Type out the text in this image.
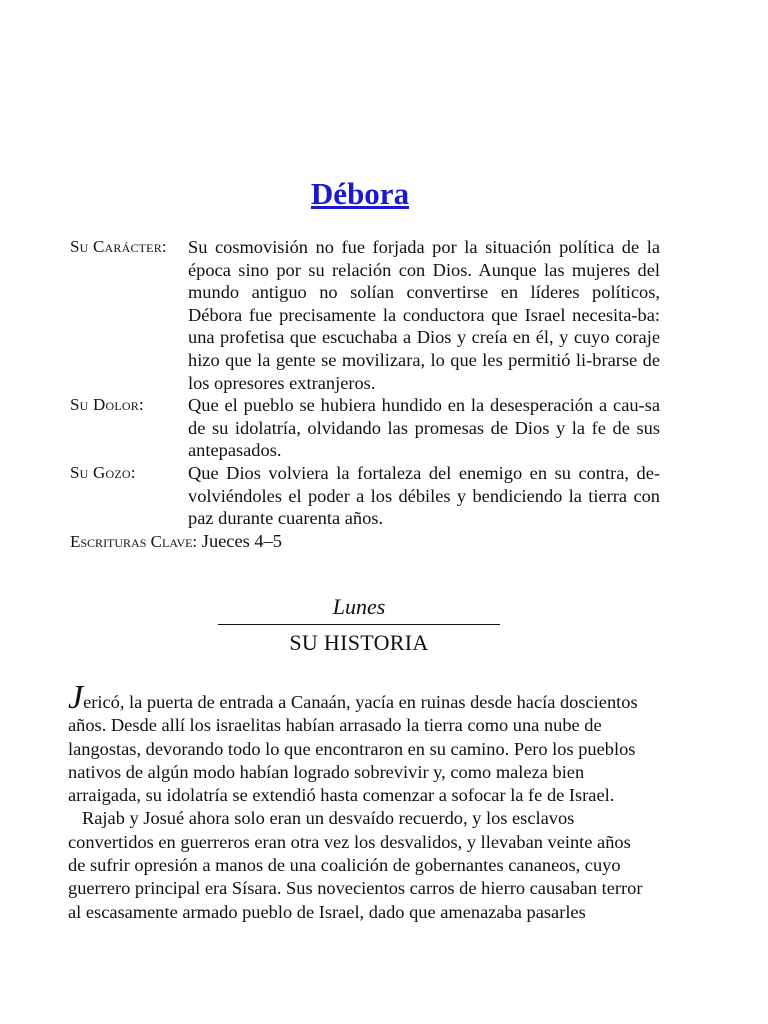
Débora
Su Carácter:	Su cosmovisión no fue forjada por la situación política de la época sino por su relación con Dios. Aunque las mujeres del mundo antiguo no solían convertirse en líderes políticos, Débora fue precisamente la conductora que Israel necesita-ba: una profetisa que escuchaba a Dios y creía en él, y cuyo coraje hizo que la gente se movilizara, lo que les permitió li-brarse de los opresores extranjeros.
Su Dolor:	Que el pueblo se hubiera hundido en la desesperación a cau-sa de su idolatría, olvidando las promesas de Dios y la fe de sus antepasados.
Su Gozo:	Que Dios volviera la fortaleza del enemigo en su contra, de-volviéndoles el poder a los débiles y bendiciendo la tierra con paz durante cuarenta años.
Escrituras Clave: Jueces 4–5
Lunes
SU HISTORIA

Jericó, la puerta de entrada a Canaán, yacía en ruinas desde hacía doscientos años. Desde allí los israelitas habían arrasado la tierra como una nube de langostas, devorando todo lo que encontraron en su camino. Pero los pueblos nativos de algún modo habían logrado sobrevivir y, como maleza bien arraigada, su idolatría se extendió hasta comenzar a sofocar la fe de Israel.

Rajab y Josué ahora solo eran un desvaído recuerdo, y los esclavos convertidos en guerreros eran otra vez los desvalidos, y llevaban veinte años de sufrir opresión a manos de una coalición de gobernantes cananeos, cuyo guerrero principal era Sísara. Sus novecientos carros de hierro causaban terror al escasamente armado pueblo de Israel, dado que amenazaba pasarles
